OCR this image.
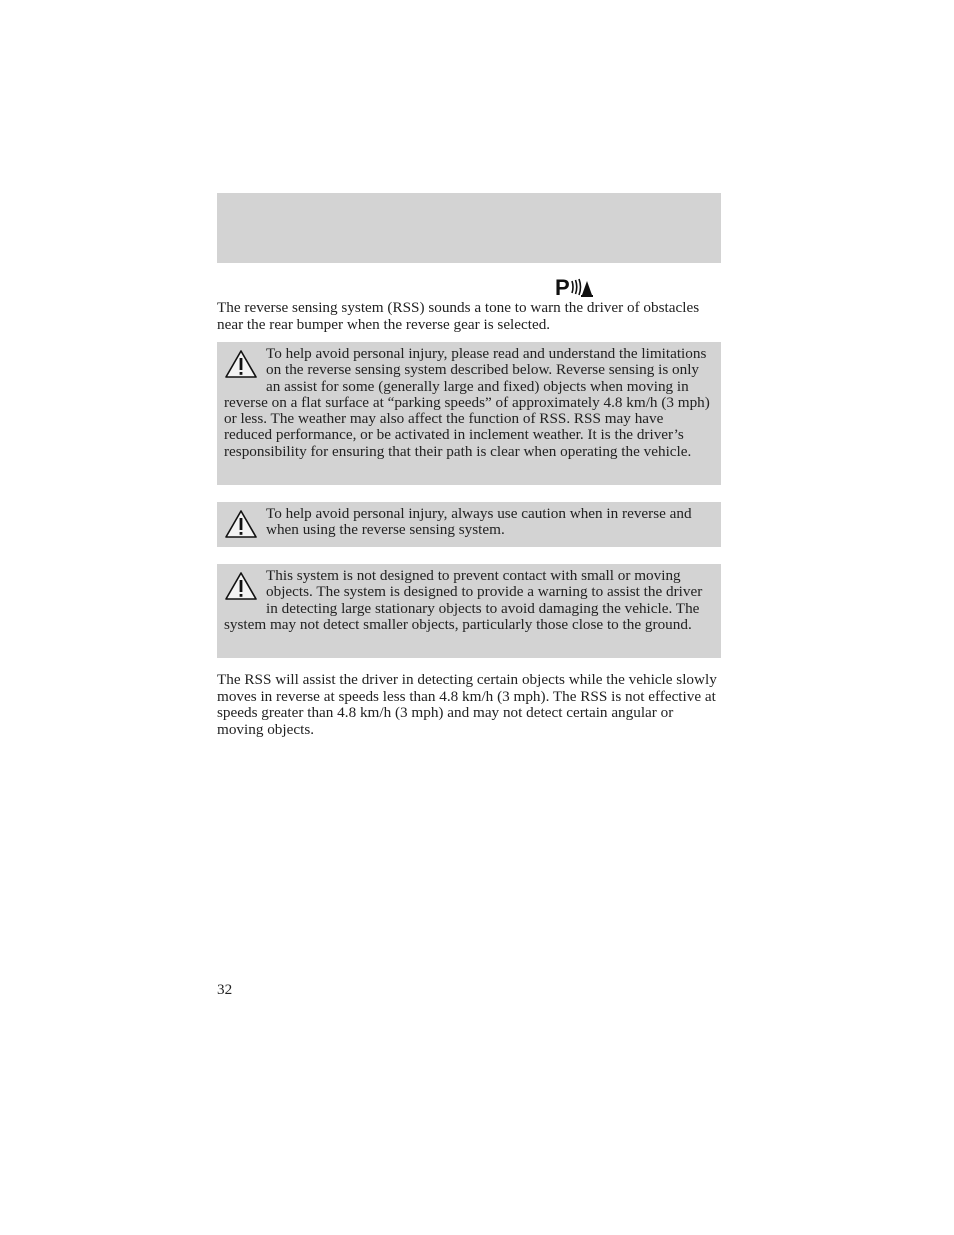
P

The reverse sensing system (RSS) sounds a tone to warn the driver of obstacles near the rear bumper when the reverse gear is selected.

To help avoid personal injury, please read and understand the limitations on the reverse sensing system described below. Reverse sensing is only an assist for some (generally large and fixed) objects when moving in reverse on a flat surface at “parking speeds” of approximately 4.8 km/h (3 mph) or less. The weather may also affect the function of RSS. RSS may have reduced performance, or be activated in inclement weather. It is the driver’s responsibility for ensuring that their path is clear when operating the vehicle.

To help avoid personal injury, always use caution when in reverse and when using the reverse sensing system.

This system is not designed to prevent contact with small or moving objects. The system is designed to provide a warning to assist the driver in detecting large stationary objects to avoid damaging the vehicle. The system may not detect smaller objects, particularly those close to the ground.

The RSS will assist the driver in detecting certain objects while the vehicle slowly moves in reverse at speeds less than 4.8 km/h (3 mph). The RSS is not effective at speeds greater than 4.8 km/h (3 mph) and may not detect certain angular or moving objects.

32
